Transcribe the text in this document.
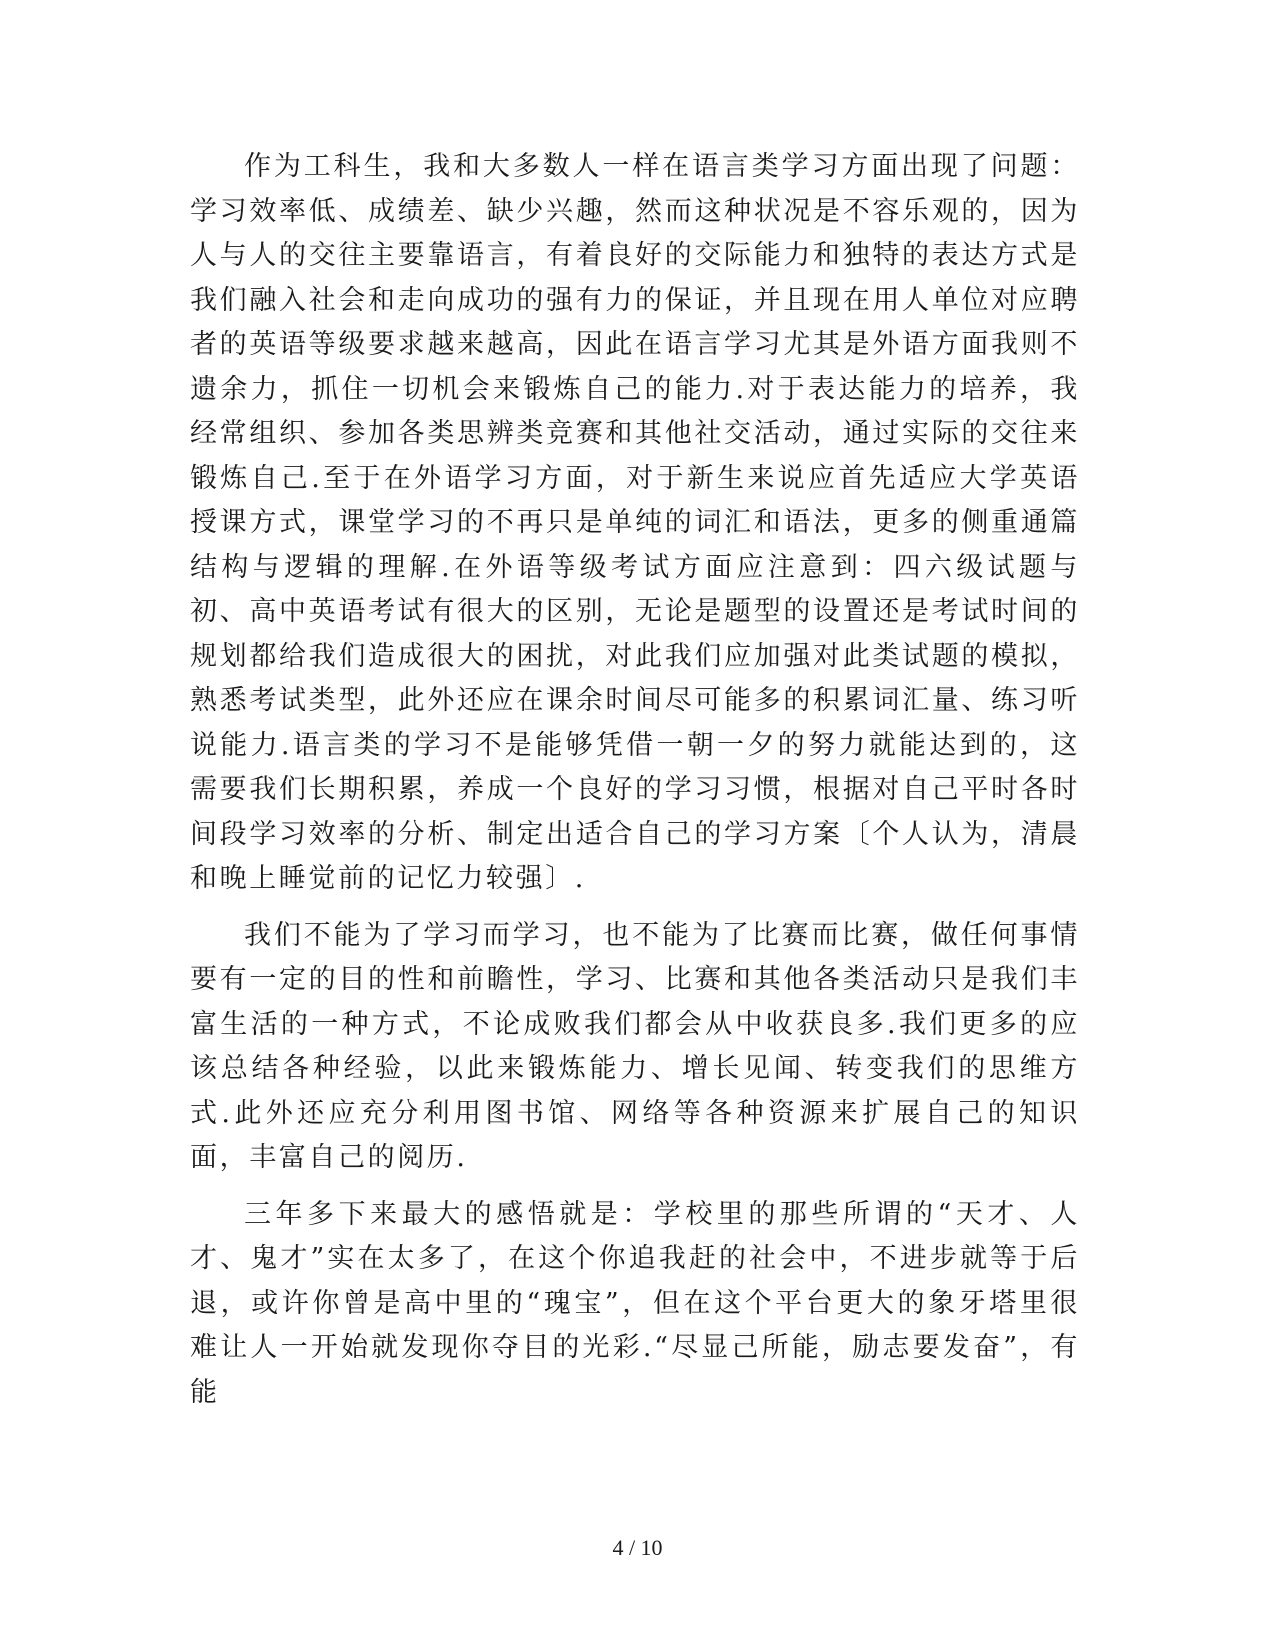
作为工科生，我和大多数人一样在语言类学习方面出现了问题：学习效率低、成绩差、缺少兴趣，然而这种状况是不容乐观的，因为人与人的交往主要靠语言，有着良好的交际能力和独特的表达方式是我们融入社会和走向成功的强有力的保证，并且现在用人单位对应聘者的英语等级要求越来越高，因此在语言学习尤其是外语方面我则不遗余力，抓住一切机会来锻炼自己的能力.对于表达能力的培养，我经常组织、参加各类思辨类竞赛和其他社交活动，通过实际的交往来锻炼自己.至于在外语学习方面，对于新生来说应首先适应大学英语授课方式，课堂学习的不再只是单纯的词汇和语法，更多的侧重通篇结构与逻辑的理解.在外语等级考试方面应注意到：四六级试题与初、高中英语考试有很大的区别，无论是题型的设置还是考试时间的规划都给我们造成很大的困扰，对此我们应加强对此类试题的模拟，熟悉考试类型，此外还应在课余时间尽可能多的积累词汇量、练习听说能力.语言类的学习不是能够凭借一朝一夕的努力就能达到的，这需要我们长期积累，养成一个良好的学习习惯，根据对自己平时各时间段学习效率的分析、制定出适合自己的学习方案〔个人认为，清晨和晚上睡觉前的记忆力较强〕.

我们不能为了学习而学习，也不能为了比赛而比赛，做任何事情要有一定的目的性和前瞻性，学习、比赛和其他各类活动只是我们丰富生活的一种方式，不论成败我们都会从中收获良多.我们更多的应该总结各种经验，以此来锻炼能力、增长见闻、转变我们的思维方式.此外还应充分利用图书馆、网络等各种资源来扩展自己的知识面，丰富自己的阅历.

三年多下来最大的感悟就是：学校里的那些所谓的“天才、人才、鬼才”实在太多了，在这个你追我赶的社会中，不进步就等于后退，或许你曾是高中里的“瑰宝”，但在这个平台更大的象牙塔里很难让人一开始就发现你夺目的光彩.“尽显己所能，励志要发奋”，有能

4 / 10
